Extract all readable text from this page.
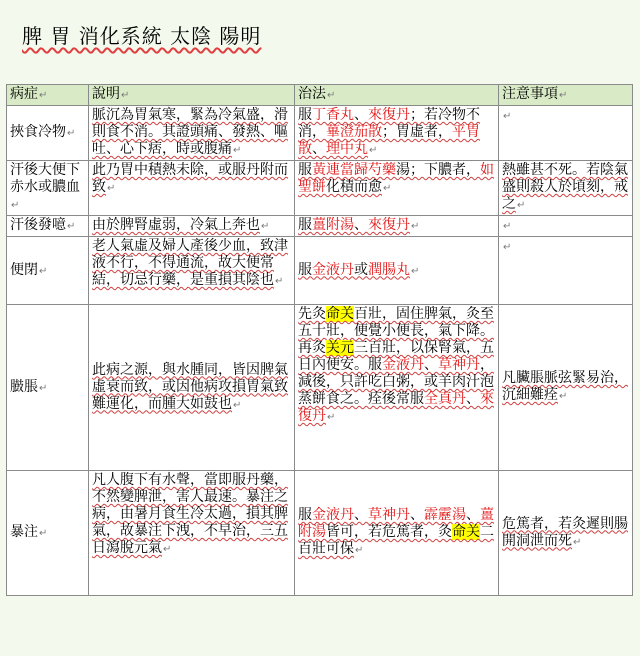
脾 胃 消化系統 太陰 陽明
病症↵	說明↵	治法↵	注意事項↵
挾食冷物↵	脈沉為胃氣寒，緊為冷氣盛，滑則食不消。其證頭痛、發熱、嘔吐、心下痞，時或腹痛↵	服丁香丸、來復丹；若冷物不消，蓽澄茄散；胃虛者，平胃散、理中丸↵	↵
汗後大便下赤水或膿血↵	此乃胃中積熱未除，或服丹附而致↵	服黃連當歸芍藥湯；下膿者，如聖餅化積而愈↵	熱雖甚不死。若陰氣盛則殺人於頃刻，戒之↵
汗後發噫↵	由於脾腎虛弱，冷氣上奔也↵	服薑附湯、來復丹↵	↵
便閉↵	老人氣虛及婦人產後少血，致津液不行，不得通流，故大便常結，切忌行藥，是重損其陰也↵	服金液丹或潤腸丸↵	↵
臌脹↵	此病之源，與水腫同，皆因脾氣虛衰而致，或因他病攻損胃氣致難運化，而腫大如鼓也↵	先灸命关百壯，固住脾氣，灸至五十壯，便覺小便長，氣下降。再灸关元三百壯，以保腎氣，五日內便安。服金液丹、草神丹，減後，只許吃白粥，或羊肉汁泡蒸餅食之。痊後常服全真丹、來復丹↵	凡臟脹脈弦緊易治，沉細難痊↵
暴注↵	凡人腹下有水聲，當即服丹藥，不然變脾泄，害人最速。暴注之病，由暑月食生冷太過，損其脾氣，故暴注下洩，不早治，三五日瀉脫元氣↵	服金液丹、草神丹、霹靂湯、薑附湯皆可，若危篤者，灸命关二百壯可保↵	危篤者，若灸遲則腸開洞泄而死↵
